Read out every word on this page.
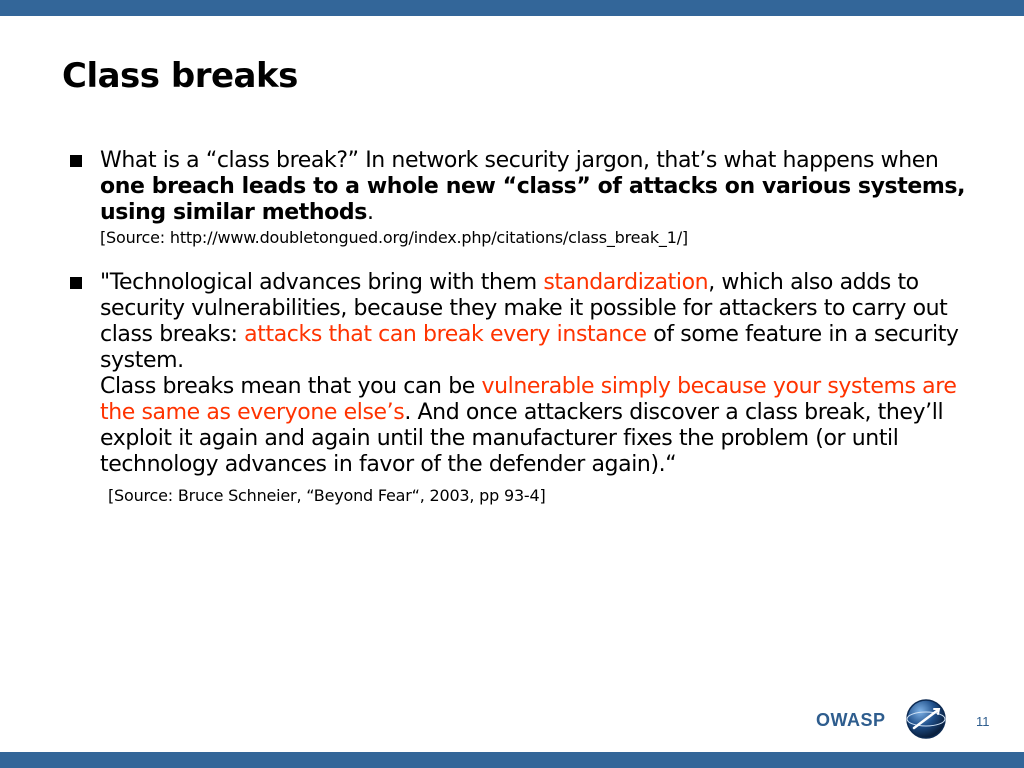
Class breaks
What is a “class break?” In network security jargon, that’s what happens when one breach leads to a whole new “class” of attacks on various systems, using similar methods.
[Source: http://www.doubletongued.org/index.php/citations/class_break_1/]
"Technological advances bring with them standardization, which also adds to security vulnerabilities, because they make it possible for attackers to carry out class breaks: attacks that can break every instance of some feature in a security system.
Class breaks mean that you can be vulnerable simply because your systems are the same as everyone else’s. And once attackers discover a class break, they’ll exploit it again and again until the manufacturer fixes the problem (or until technology advances in favor of the defender again).“
[Source: Bruce Schneier, “Beyond Fear“, 2003, pp 93-4]
OWASP	11
